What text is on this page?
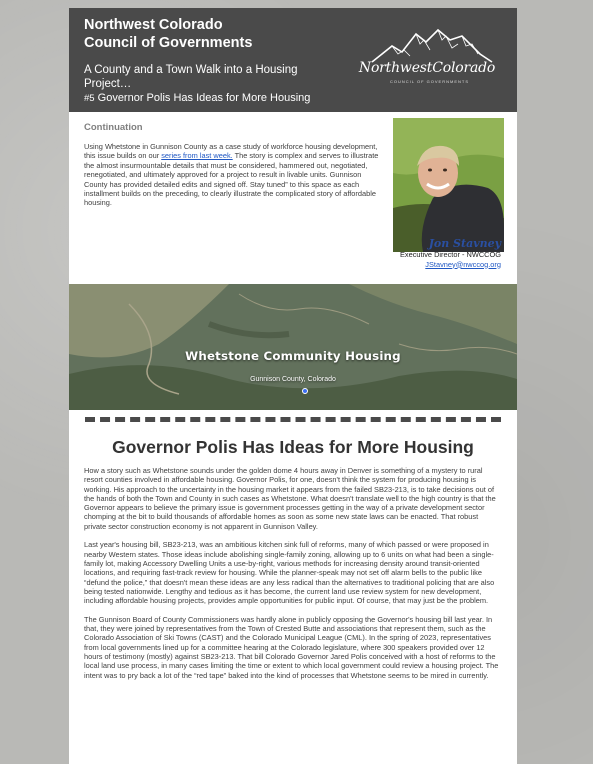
Northwest Colorado
Council of Governments
A County and a Town Walk into a Housing Project…
#5 Governor Polis Has Ideas for More Housing
NorthwestColorado
COUNCIL OF GOVERNMENTS
Continuation
Using Whetstone in Gunnison County as a case study of workforce housing development, this issue builds on our series from last week. The story is complex and serves to illustrate the almost insurmountable details that must be considered, hammered out, negotiated, renegotiated, and ultimately approved for a project to result in livable units. Gunnison County has provided detailed edits and signed off. Stay tuned” to this space as each installment builds on the preceding, to clearly illustrate the complicated story of affordable housing.
Jon Stavney
Executive Director - NWCCOG
JStavney@nwccog.org
Whetstone Community Housing
Gunnison County, Colorado
Governor Polis Has Ideas for More Housing

How a story such as Whetstone sounds under the golden dome 4 hours away in Denver is something of a mystery to rural resort counties involved in affordable housing. Governor Polis, for one, doesn't think the system for producing housing is working. His approach to the uncertainty in the housing market it appears from the failed SB23-213, is to take decisions out of the hands of both the Town and County in such cases as Whetstone. What doesn't translate well to the high country is that the Governor appears to believe the primary issue is government processes getting in the way of a private development sector chomping at the bit to build thousands of affordable homes as soon as some new state laws can be enacted. That robust private sector construction economy is not apparent in Gunnison Valley.

Last year's housing bill, SB23-213, was an ambitious kitchen sink full of reforms, many of which passed or were proposed in nearby Western states. Those ideas include abolishing single-family zoning, allowing up to 6 units on what had been a single-family lot, making Accessory Dwelling Units a use-by-right, various methods for increasing density around transit-oriented locations, and requiring fast-track review for housing. While the planner-speak may not set off alarm bells to the public like “defund the police,” that doesn't mean these ideas are any less radical than the alternatives to traditional policing that are also being tested nationwide. Lengthy and tedious as it has become, the current land use review system for new development, including affordable housing projects, provides ample opportunities for public input. Of course, that may just be the problem.

The Gunnison Board of County Commissioners was hardly alone in publicly opposing the Governor's housing bill last year. In that, they were joined by representatives from the Town of Crested Butte and associations that represent them, such as the Colorado Association of Ski Towns (CAST) and the Colorado Municipal League (CML). In the spring of 2023, representatives from local governments lined up for a committee hearing at the Colorado legislature, where 300 speakers provided over 12 hours of testimony (mostly) against SB23-213. That bill Colorado Governor Jared Polis conceived with a host of reforms to the local land use process, in many cases limiting the time or extent to which local government could review a housing project. The intent was to pry back a lot of the “red tape” baked into the kind of processes that Whetstone seems to be mired in currently.
